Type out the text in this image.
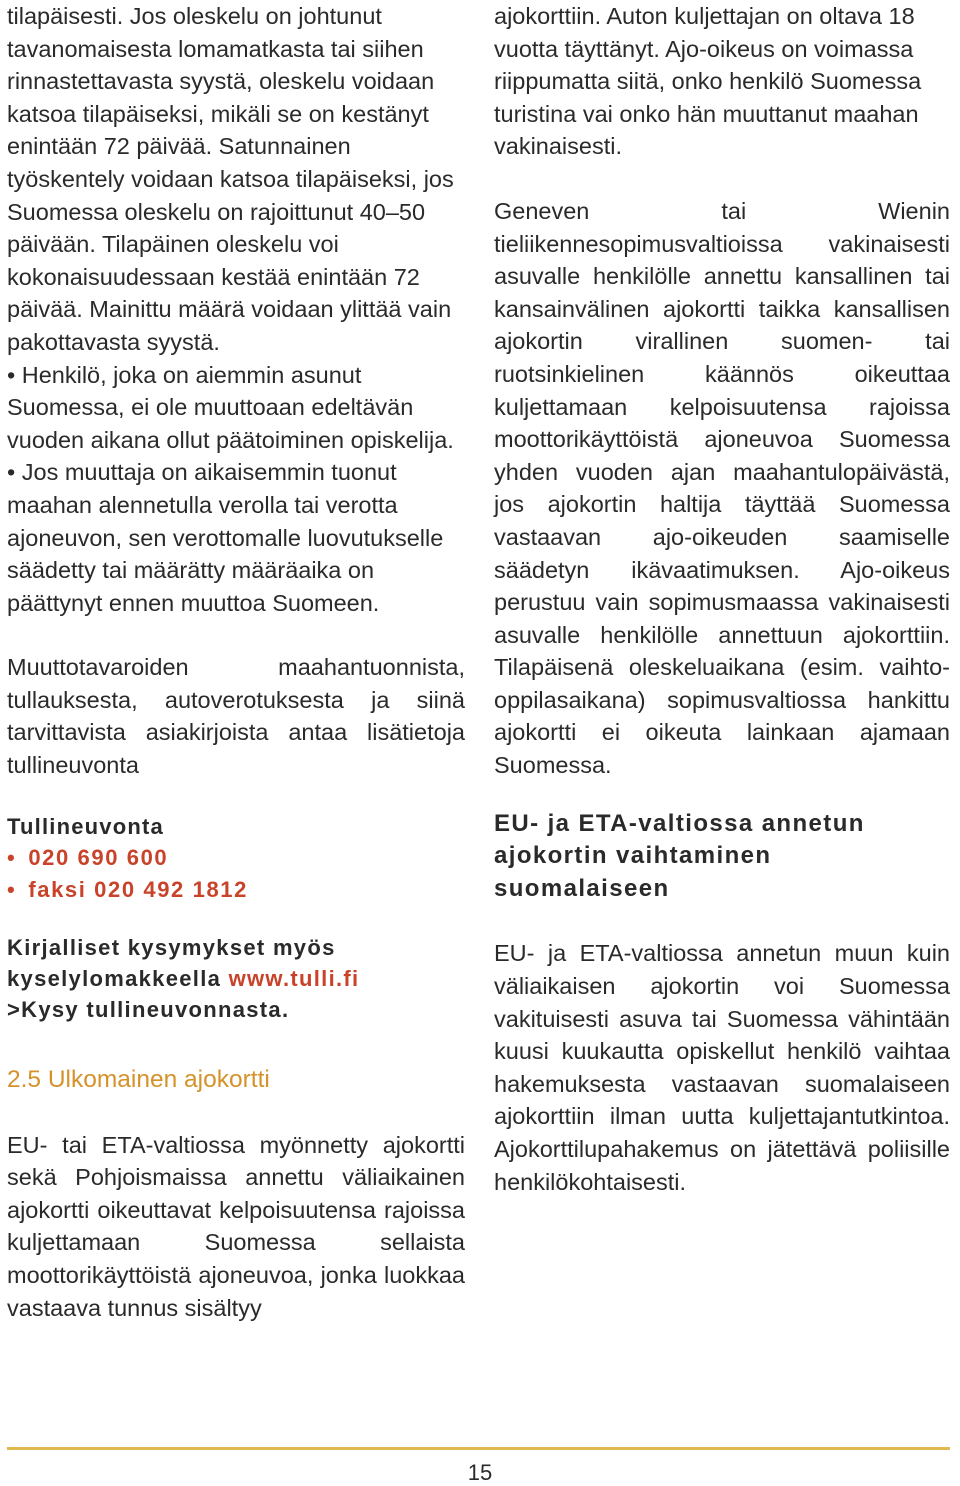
tilapäisesti. Jos oleskelu on johtunut tavanomaisesta lomamatkasta tai siihen rinnastettavasta syystä, oleskelu voidaan katsoa tilapäiseksi, mikäli se on kestänyt enintään 72 päivää. Satunnainen työskentely voidaan katsoa tilapäiseksi, jos Suomessa oleskelu on rajoittunut 40–50 päivään. Tilapäinen oleskelu voi kokonaisuudessaan kestää enintään 72 päivää. Mainittu määrä voidaan ylittää vain pakottavasta syystä.

• Henkilö, joka on aiemmin asunut Suomessa, ei ole muuttoaan edeltävän vuoden aikana ollut päätoiminen opiskelija.

• Jos muuttaja on aikaisemmin tuonut maahan alennetulla verolla tai verotta ajoneuvon, sen verottomalle luovutukselle säädetty tai määrätty määräaika on päättynyt ennen muuttoa Suomeen.

Muuttotavaroiden maahantuonnista, tullauksesta, autoverotuksesta ja siinä tarvittavista asiakirjoista antaa lisätietoja tullineuvonta

Tullineuvonta
• 020 690 600
• faksi 020 492 1812
Kirjalliset kysymykset myös kyselylomakkeella www.tulli.fi
>Kysy tullineuvonnasta.
2.5 Ulkomainen ajokortti

EU- tai ETA-valtiossa myönnetty ajokortti sekä Pohjoismaissa annettu väliaikainen ajokortti oikeuttavat kelpoisuutensa rajoissa kuljettamaan Suomessa sellaista moottorikäyttöistä ajoneuvoa, jonka luokkaa vastaava tunnus sisältyy

ajokorttiin. Auton kuljettajan on oltava 18 vuotta täyttänyt. Ajo-oikeus on voimassa riippumatta siitä, onko henkilö Suomessa turistina vai onko hän muuttanut maahan vakinaisesti.

Geneven tai Wienin tieliikennesopimusvaltioissa vakinaisesti asuvalle henkilölle annettu kansallinen tai kansainvälinen ajokortti taikka kansallisen ajokortin virallinen suomen- tai ruotsinkielinen käännös oikeuttaa kuljettamaan kelpoisuutensa rajoissa moottorikäyttöistä ajoneuvoa Suomessa yhden vuoden ajan maahantulopäivästä, jos ajokortin haltija täyttää Suomessa vastaavan ajo-oikeuden saamiselle säädetyn ikävaatimuksen. Ajo-oikeus perustuu vain sopimusmaassa vakinaisesti asuvalle henkilölle annettuun ajokorttiin. Tilapäisenä oleskeluaikana (esim. vaihto-oppilasaikana) sopimusvaltiossa hankittu ajokortti ei oikeuta lainkaan ajamaan Suomessa.

EU- ja ETA-valtiossa annetun ajokortin vaihtaminen suomalaiseen

EU- ja ETA-valtiossa annetun muun kuin väliaikaisen ajokortin voi Suomessa vakituisesti asuva tai Suomessa vähintään kuusi kuukautta opiskellut henkilö vaihtaa hakemuksesta vastaavan suomalaiseen ajokorttiin ilman uutta kuljettajantutkintoa. Ajokorttilupahakemus on jätettävä poliisille henkilökohtaisesti.

15
